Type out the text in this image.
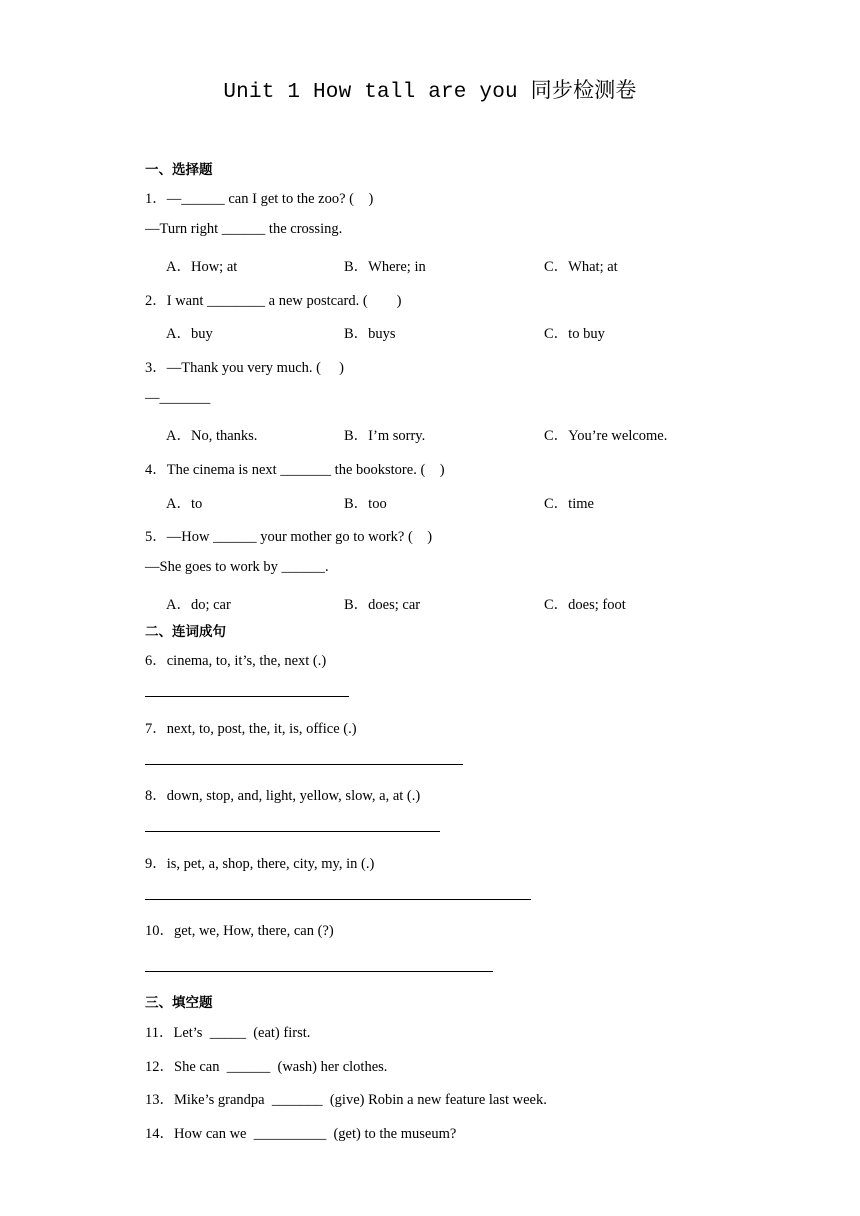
Unit 1 How tall are you 同步检测卷
一、选择题
1．—______ can I get to the zoo? (    )
—Turn right ______ the crossing.
A．How; at	B．Where; in	C．What; at
2．I want ________ a new postcard. (        )
A．buy	B．buys	C．to buy
3．—Thank you very much. (     )
—_______
A．No, thanks.	B．I’m sorry.	C．You’re welcome.
4．The cinema is next _______ the bookstore. (    )
A．to	B．too	C．time
5．—How ______ your mother go to work? (    )
—She goes to work by ______.
A．do; car	B．does; car	C．does; foot
二、连词成句
6．cinema, to, it’s, the, next (.)
7．next, to, post, the, it, is, office (.)
8．down, stop, and, light, yellow, slow, a, at (.)
9．is, pet, a, shop, there, city, my, in (.)
10．get, we, How, there, can (?)
三、填空题
11．Let’s  _____  (eat) first.
12．She can  ______  (wash) her clothes.
13．Mike’s grandpa  _______  (give) Robin a new feature last week.
14．How can we  __________  (get) to the museum?
